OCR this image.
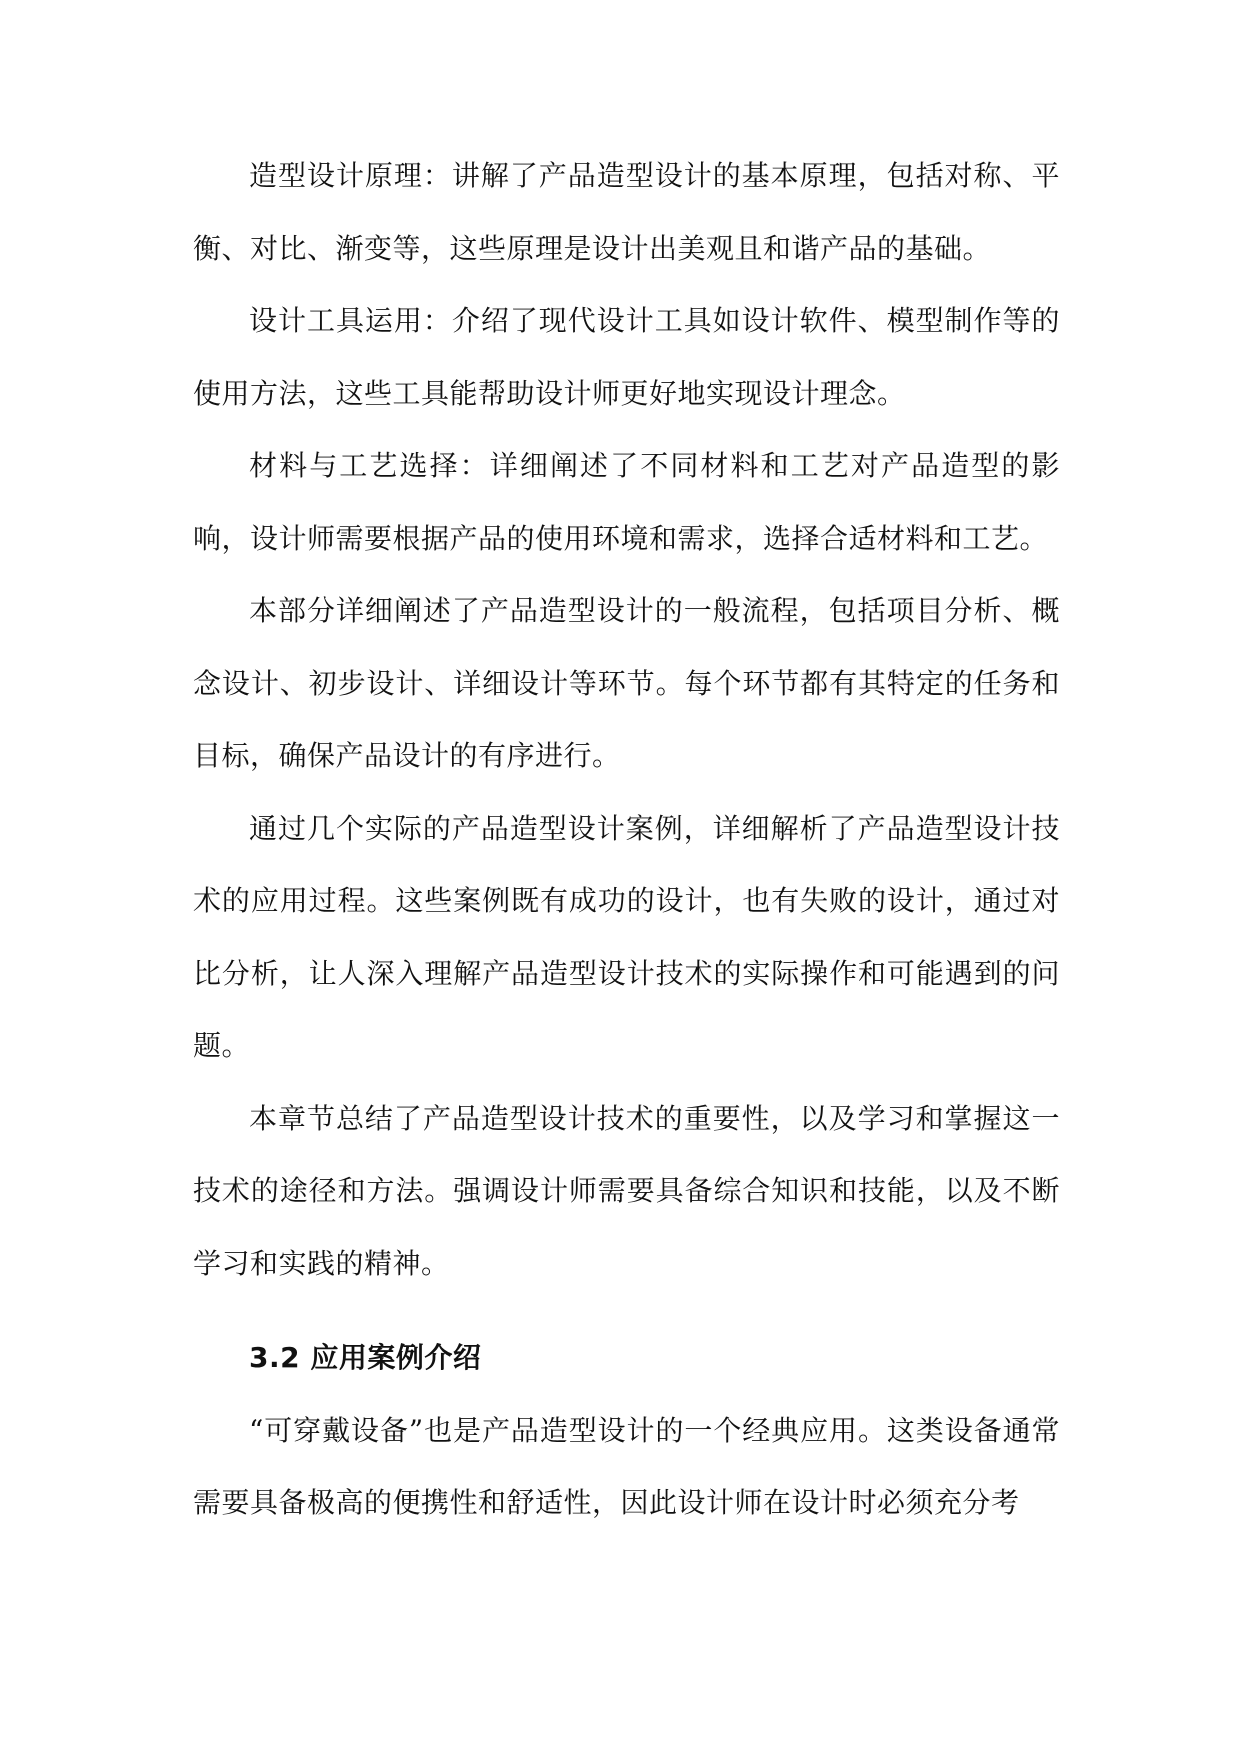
造型设计原理：讲解了产品造型设计的基本原理，包括对称、平衡、对比、渐变等，这些原理是设计出美观且和谐产品的基础。

设计工具运用：介绍了现代设计工具如设计软件、模型制作等的使用方法，这些工具能帮助设计师更好地实现设计理念。

材料与工艺选择：详细阐述了不同材料和工艺对产品造型的影响，设计师需要根据产品的使用环境和需求，选择合适材料和工艺。

本部分详细阐述了产品造型设计的一般流程，包括项目分析、概念设计、初步设计、详细设计等环节。每个环节都有其特定的任务和目标，确保产品设计的有序进行。

通过几个实际的产品造型设计案例，详细解析了产品造型设计技术的应用过程。这些案例既有成功的设计，也有失败的设计，通过对比分析，让人深入理解产品造型设计技术的实际操作和可能遇到的问题。

本章节总结了产品造型设计技术的重要性，以及学习和掌握这一技术的途径和方法。强调设计师需要具备综合知识和技能，以及不断学习和实践的精神。

3.2 应用案例介绍

“可穿戴设备”也是产品造型设计的一个经典应用。这类设备通常需要具备极高的便携性和舒适性，因此设计师在设计时必须充分考
